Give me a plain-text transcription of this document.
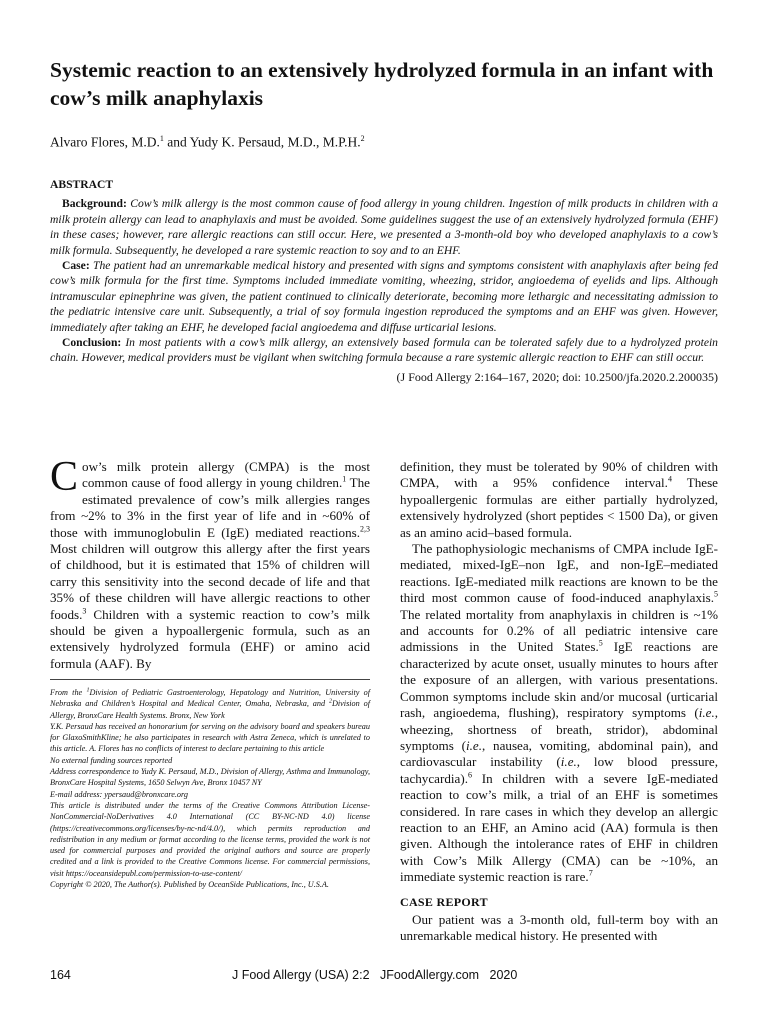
Systemic reaction to an extensively hydrolyzed formula in an infant with cow’s milk anaphylaxis
Alvaro Flores, M.D.$^1$ and Yudy K. Persaud, M.D., M.P.H.$^2$
ABSTRACT

Background: Cow’s milk allergy is the most common cause of food allergy in young children. Ingestion of milk products in children with a milk protein allergy can lead to anaphylaxis and must be avoided. Some guidelines suggest the use of an extensively hydrolyzed formula (EHF) in these cases; however, rare allergic reactions can still occur. Here, we presented a 3-month-old boy who developed anaphylaxis to a cow’s milk formula. Subsequently, he developed a rare systemic reaction to soy and to an EHF.

Case: The patient had an unremarkable medical history and presented with signs and symptoms consistent with anaphylaxis after being fed cow’s milk formula for the first time. Symptoms included immediate vomiting, wheezing, stridor, angioedema of eyelids and lips. Although intramuscular epinephrine was given, the patient continued to clinically deteriorate, becoming more lethargic and necessitating admission to the pediatric intensive care unit. Subsequently, a trial of soy formula ingestion reproduced the symptoms and an EHF was given. However, immediately after taking an EHF, he developed facial angioedema and diffuse urticarial lesions.

Conclusion: In most patients with a cow’s milk allergy, an extensively based formula can be tolerated safely due to a hydrolyzed protein chain. However, medical providers must be vigilant when switching formula because a rare systemic allergic reaction to EHF can still occur.

(J Food Allergy 2:164–167, 2020; doi: 10.2500/jfa.2020.2.200035)

Cow’s milk protein allergy (CMPA) is the most common cause of food allergy in young children.$^1$ The estimated prevalence of cow’s milk allergies ranges from ~2% to 3% in the first year of life and in ~60% of those with immunoglobulin E (IgE) mediated reactions.$^{2,3}$ Most children will outgrow this allergy after the first years of childhood, but it is estimated that 15% of children will carry this sensitivity into the second decade of life and that 35% of these children will have allergic reactions to other foods.$^3$ Children with a systemic reaction to cow’s milk should be given a hypoallergenic formula, such as an extensively hydrolyzed formula (EHF) or amino acid formula (AAF). By

From the $^1$Division of Pediatric Gastroenterology, Hepatology and Nutrition, University of Nebraska and Children’s Hospital and Medical Center, Omaha, Nebraska, and $^2$Division of Allergy, BronxCare Health Systems. Bronx, New York

Y.K. Persaud has received an honorarium for serving on the advisory board and speakers bureau for GlaxoSmithKline; he also participates in research with Astra Zeneca, which is unrelated to this article. A. Flores has no conflicts of interest to declare pertaining to this article

No external funding sources reported

Address correspondence to Yudy K. Persaud, M.D., Division of Allergy, Asthma and Immunology, BronxCare Hospital Systems, 1650 Selwyn Ave, Bronx 10457 NY

E-mail address: ypersaud@bronxcare.org

This article is distributed under the terms of the Creative Commons Attribution License-NonCommercial-NoDerivatives 4.0 International (CC BY-NC-ND 4.0) license (https://creativecommons.org/licenses/by-nc-nd/4.0/), which permits reproduction and redistribution in any medium or format according to the license terms, provided the work is not used for commercial purposes and provided the original authors and source are properly credited and a link is provided to the Creative Commons license. For commercial permissions, visit https://oceansidepubl.com/permission-to-use-content/

Copyright © 2020, The Author(s). Published by OceanSide Publications, Inc., U.S.A.

definition, they must be tolerated by 90% of children with CMPA, with a 95% confidence interval.$^4$ These hypoallergenic formulas are either partially hydrolyzed, extensively hydrolyzed (short peptides < 1500 Da), or given as an amino acid–based formula.

The pathophysiologic mechanisms of CMPA include IgE-mediated, mixed-IgE–non IgE, and non-IgE–mediated reactions. IgE-mediated milk reactions are known to be the third most common cause of food-induced anaphylaxis.$^5$ The related mortality from anaphylaxis in children is ~1% and accounts for 0.2% of all pediatric intensive care admissions in the United States.$^5$ IgE reactions are characterized by acute onset, usually minutes to hours after the exposure of an allergen, with various presentations. Common symptoms include skin and/or mucosal (urticarial rash, angioedema, flushing), respiratory symptoms (i.e., wheezing, shortness of breath, stridor), abdominal symptoms (i.e., nausea, vomiting, abdominal pain), and cardiovascular instability (i.e., low blood pressure, tachycardia).$^6$ In children with a severe IgE-mediated reaction to cow’s milk, a trial of an EHF is sometimes considered. In rare cases in which they develop an allergic reaction to an EHF, an Amino acid (AA) formula is then given. Although the intolerance rates of EHF in children with Cow’s Milk Allergy (CMA) can be ~10%, an immediate systemic reaction is rare.$^7$

CASE REPORT

Our patient was a 3-month old, full-term boy with an unremarkable medical history. He presented with

164	J Food Allergy (USA) 2:2   JFoodAllergy.com   2020
